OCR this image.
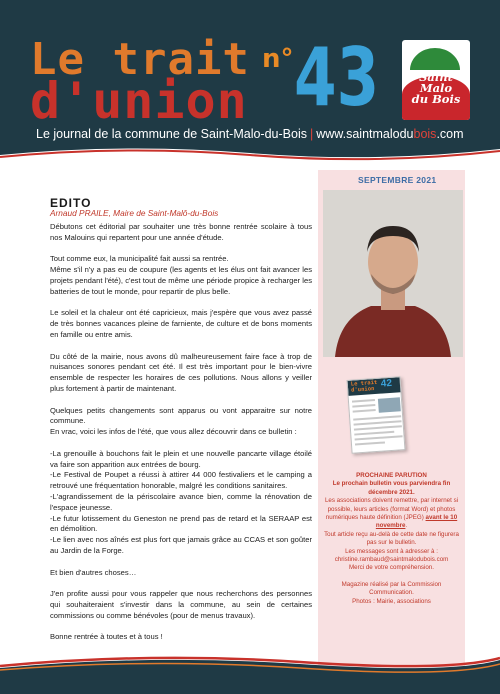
Le trait
d'union
n° 43	Saint
Malo
du Bois
Le journal de la commune de Saint-Malo-du-Bois | www.saintmalodubois.com
EDITO
Arnaud PRAILE, Maire de Saint-Malô-du-Bois

Débutons cet éditorial par souhaiter une très bonne rentrée scolaire à tous nos Malouins qui repartent pour une année d'étude.

Tout comme eux, la municipalité fait aussi sa rentrée.

Même s'il n'y a pas eu de coupure (les agents et les élus ont fait avancer les projets pendant l'été), c'est tout de même une période propice à recharger les batteries de tout le monde, pour repartir de plus belle.

Le soleil et la chaleur ont été capricieux, mais j'espère que vous avez passé de très bonnes vacances pleine de farniente, de culture et de bons moments en famille ou entre amis.

Du côté de la mairie, nous avons dû malheureusement faire face à trop de nuisances sonores pendant cet été. Il est très important pour le bien-vivre ensemble de respecter les horaires de ces pollutions. Nous allons y veiller plus fortement à partir de maintenant.

Quelques petits changements sont apparus ou vont apparaitre sur notre commune.

En vrac, voici les infos de l'été, que vous allez découvrir dans ce bulletin :

-La grenouille à bouchons fait le plein et une nouvelle pancarte village étoilé va faire son apparition aux entrées de bourg.

-Le Festival de Poupet a réussi à attirer 44 000 festivaliers et le camping a retrouvé une fréquentation honorable, malgré les conditions sanitaires.

-L'agrandissement de la périscolaire avance bien, comme la rénovation de l'espace jeunesse.

-Le futur lotissement du Geneston ne prend pas de retard et la SERAAP est en démolition.

-Le lien avec nos aînés est plus fort que jamais grâce au CCAS et son goûter au Jardin de la Forge.

Et bien d'autres choses…

J'en profite aussi pour vous rappeler que nous recherchons des personnes qui souhaiteraient s'investir dans la commune, au sein de certaines commissions ou comme bénévoles (pour de menus travaux).

Bonne rentrée à toutes et à tous !

SEPTEMBRE 2021
Le trait d'union 42
PROCHAINE PARUTION
Le prochain bulletin vous parviendra fin décembre 2021.
Les associations doivent remettre, par internet si possible, leurs articles (format Word) et photos numériques haute définition (JPEG) avant le 10 novembre.
Tout article reçu au-delà de cette date ne figurera pas sur le bulletin.
Les messages sont à adresser à :
christine.rambaud@saintmalodubois.com
Merci de votre compréhension.
Magazine réalisé par la Commission Communication.
Photos : Mairie, associations
